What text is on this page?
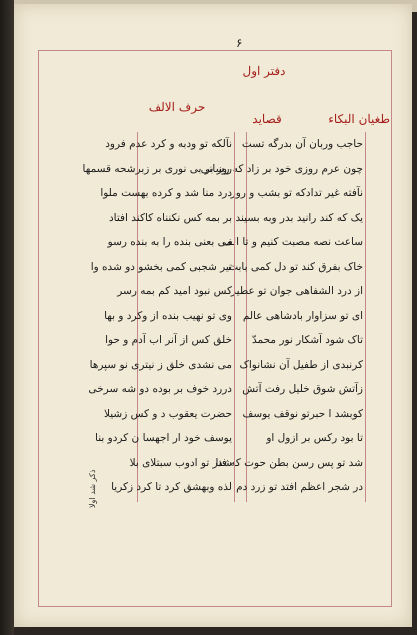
۶
دفتر اول
طغیان البکاء
قصاید
حرف الالف
حاجب وربان آن بدرگه تست
چون عرم روزی خود بر زاد که رسانی
نآفته غیر تدادکه تو بشب و روز
یک که کند رانید بدر وبه بسیند
ساعت نصه مصبت کنیم و تا الف
خاک بفرق کند تو دل کمی بابت
از درد الشفاهی جوان تو عطیر
ای تو سزاوار بادشاهی عالم
تاک شود آشکار نور محمدّ
کرنبدی از طفیل آن نشانواک
زآتش شوق خلیل رفت آتش
کوبشد ا حبرتو نوقف یوسف
تا بود رکس بر ازول او
شد تو پس رسن بطن حوت که فنا
در شجر اعظم افتد تو زرد دم
نآلکه تو ودبه و کرد عدم فرود
روز بر بی نوری بر زبرشحه قسمها
درد منا شد و کرده بهست ملوا
بر بمه کس نکنناه کاکند افتاد
می بعنی بنده را به بنده رسو
تیر شجبی کمی بخشو دو شده وا
کس نبود امید کم بمه رسر
وی تو نهیب بنده از وکرد و بها
خلق کس از آنر اب آدم و حوا
می نشدی خلق ز نیتری نو سپرها
دررد خوف بر بوده دو شه سرخی
حضرت یعقوب د و کس زشیلا
یوسف خود ار اجهسا ن کردو بنا
شدر تو ادوب سبتلای بلا
لذه وبهشق کرد تا کرد زکریا
ذکر شد اولا
